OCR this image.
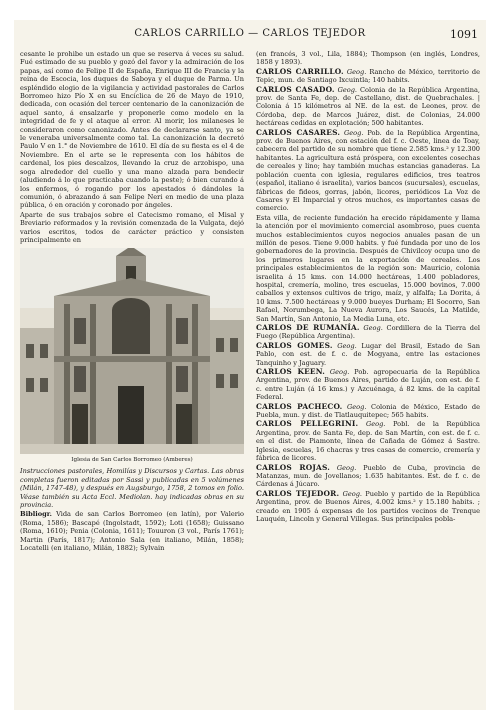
CARLOS CARRILLO — CARLOS TEJEDOR	1091

cesante le prohibe un estado un que se reserva á veces su salud. Fué estimado de su pueblo y gozó del favor y la admiración de los papas, así como de Felipe II de España, Enrique III de Francia y la reina de Escocia, los duques de Saboya y el duque de Parma. Un espléndido elogio de la vigilancia y actividad pastorales de Carlos Borromeo hizo Pío X en su Encíclica de 26 de Mayo de 1910, dedicada, con ocasión del tercer centenario de la canonización de aquel santo, á ensalzarle y proponerle como modelo en la integridad de fe y el ataque al error. Al morir, los milaneses le consideraron como canonizado. Antes de declararse santo, ya se le veneraba universalmente como tal. La canonización la decretó Paulo V en 1.° de Noviembre de 1610. El día de su fiesta es el 4 de Noviembre. En el arte se le representa con los hábitos de cardenal, los pies descalzos, llevando la cruz de arzobispo, una soga alrededor del cuello y una mano alzada para bendecir (aludiendo á lo que practicaba cuando la peste); ó bien curando á los enfermos, ó rogando por los apestados ó dándoles la comunión, ó abrazando á san Felipe Neri en medio de una plaza pública, ó en oración y coronado por ángeles.

Aparte de sus trabajos sobre el Catecismo romano, el Misal y Breviario reformados y la revisión comenzada de la Vulgata, dejó varios escritos, todos de carácter práctico y consisten principalmente en

Iglesia de San Carlos Borromeo (Amberes)

Instrucciones pastorales, Homilías y Discursos y Cartas. Las obras completas fueron editadas por Sassi y publicadas en 5 volúmenes (Milán, 1747-48), y después en Augsburgo, 1758, 2 tomos en folio. Véase también su Acta Eccl. Mediolan. hay indicadas obras en su provincia.

Bibliogr. Vida de san Carlos Borromeo (en latín), por Valerio (Roma, 1586); Bascapé (Ingolstadt, 1592); Loti (1658); Guissano (Roma, 1610); Penia (Colonia, 1611); Touuron (3 vol., París 1761); Martin (París, 1817); Antonio Sala (en italiano, Milán, 1858); Locatelli (en italiano, Milán, 1882); Sylvain

(en francés, 3 vol., Lila, 1884); Thompson (en inglés, Londres, 1858 y 1893).

CARLOS CARRILLO. Geog. Rancho de México, territorio de Tepic, mun. de Santiago Ixcuintla; 140 habits.

CARLOS CASADO. Geog. Colonia de la República Argentina, prov. de Santa Fe, dep. de Castellano, dist. de Quebrachales. | Colonia á 15 kilómetros al NE. de la est. de Leones, prov. de Córdoba, dep. de Marcos Juárez, dist. de Colonias, 24.000 hectáreas cedidas en explotación; 500 habitantes.

CARLOS CASARES. Geog. Pob. de la República Argentina, prov. de Buenos Aires, con estación del f. c. Oeste, linea de Toay, cabecera del partido de su nombre que tiene 2.585 kms.² y 12.300 habitantes. La agricultura está próspera, con excelentes cosechas de cereales y lino; hay también muchas estancias ganaderas. La población cuenta con iglesia, regulares edificios, tres teatros (español, italiano é israelita), varios bancos (sucursales), escuelas, fábricas de fideos, gorras, jabón, licores, periódicos La Voz de Casares y El Imparcial y otros muchos, es importantes casas de comercio.

Esta villa, de reciente fundación ha erecido rápidamente y llama la atención por el movimiento comercial asombroso, pues cuenta muchos establecimientos cuyos negocios anuales pasan de un millón de pesos. Tiene 9.000 habits. y fué fundada por uno de los gobernadores de la provincia. Después de Chivilcoy ocupa uno de los primeros lugares en la exportación de cereales. Los principales establecimientos de la región son: Mauricio, colonia israelita á 15 kms. con 14.000 hectáreas, 1.400 pobladores, hospital, cremería, molino, tres escuelas, 15.000 bovinos, 7.000 caballos y extensos cultivos de trigo, maíz, y alfalfa; La Dorita, á 10 kms. 7.500 hectáreas y 9.000 bueyes Durham; El Socorro, San Rafael, Norumbega, La Nueva Aurora, Los Saucés, La Matilde, San Martín, San Antonio, La Media Luna, etc.

CARLOS DE RUMANÍA. Geog. Cordillera de la Tierra del Fuego (República Argentina).

CARLOS GOMES. Geog. Lugar del Brasil, Estado de San Pablo, con est. de f. c. de Mogyana, entre las estaciones Tanquinho y Jaguary.

CARLOS KEEN. Geog. Pob. agropecuaria de la República Argentina, prov. de Buenos Aires, partido de Luján, con est. de f. c. entre Luján (á 16 kms.) y Azcuénaga, á 82 kms. de la capital Federal.

CARLOS PACHECO. Geog. Colonia de México, Estado de Puebla, mun. y dist. de Tlatlauquitepec; 565 habits.

CARLOS PELLEGRINI. Geog. Pobl. de la República Argentina, prov. de Santa Fe, dep. de San Martín, con est. de f. c. en el dist. de Piamonte, línea de Cañada de Gómez á Sastre. Iglesia, escuelas, 16 chacras y tres casas de comercio, cremería y fábrica de licores.

CARLOS ROJAS. Geog. Pueblo de Cuba, provincia de Matanzas, mun. de Jovellanos; 1.635 habitantes. Est. de f. c. de Cárdenas á Júcaro.

CARLOS TEJEDOR. Geog. Pueblo y partido de la República Argentina, prov. de Buenos Aires, 4.002 kms.² y 15.180 habits. ; creado en 1905 á expensas de los partidos vecinos de Trenque Lauquén, Lincoln y General Villegas. Sus principales pobla-
